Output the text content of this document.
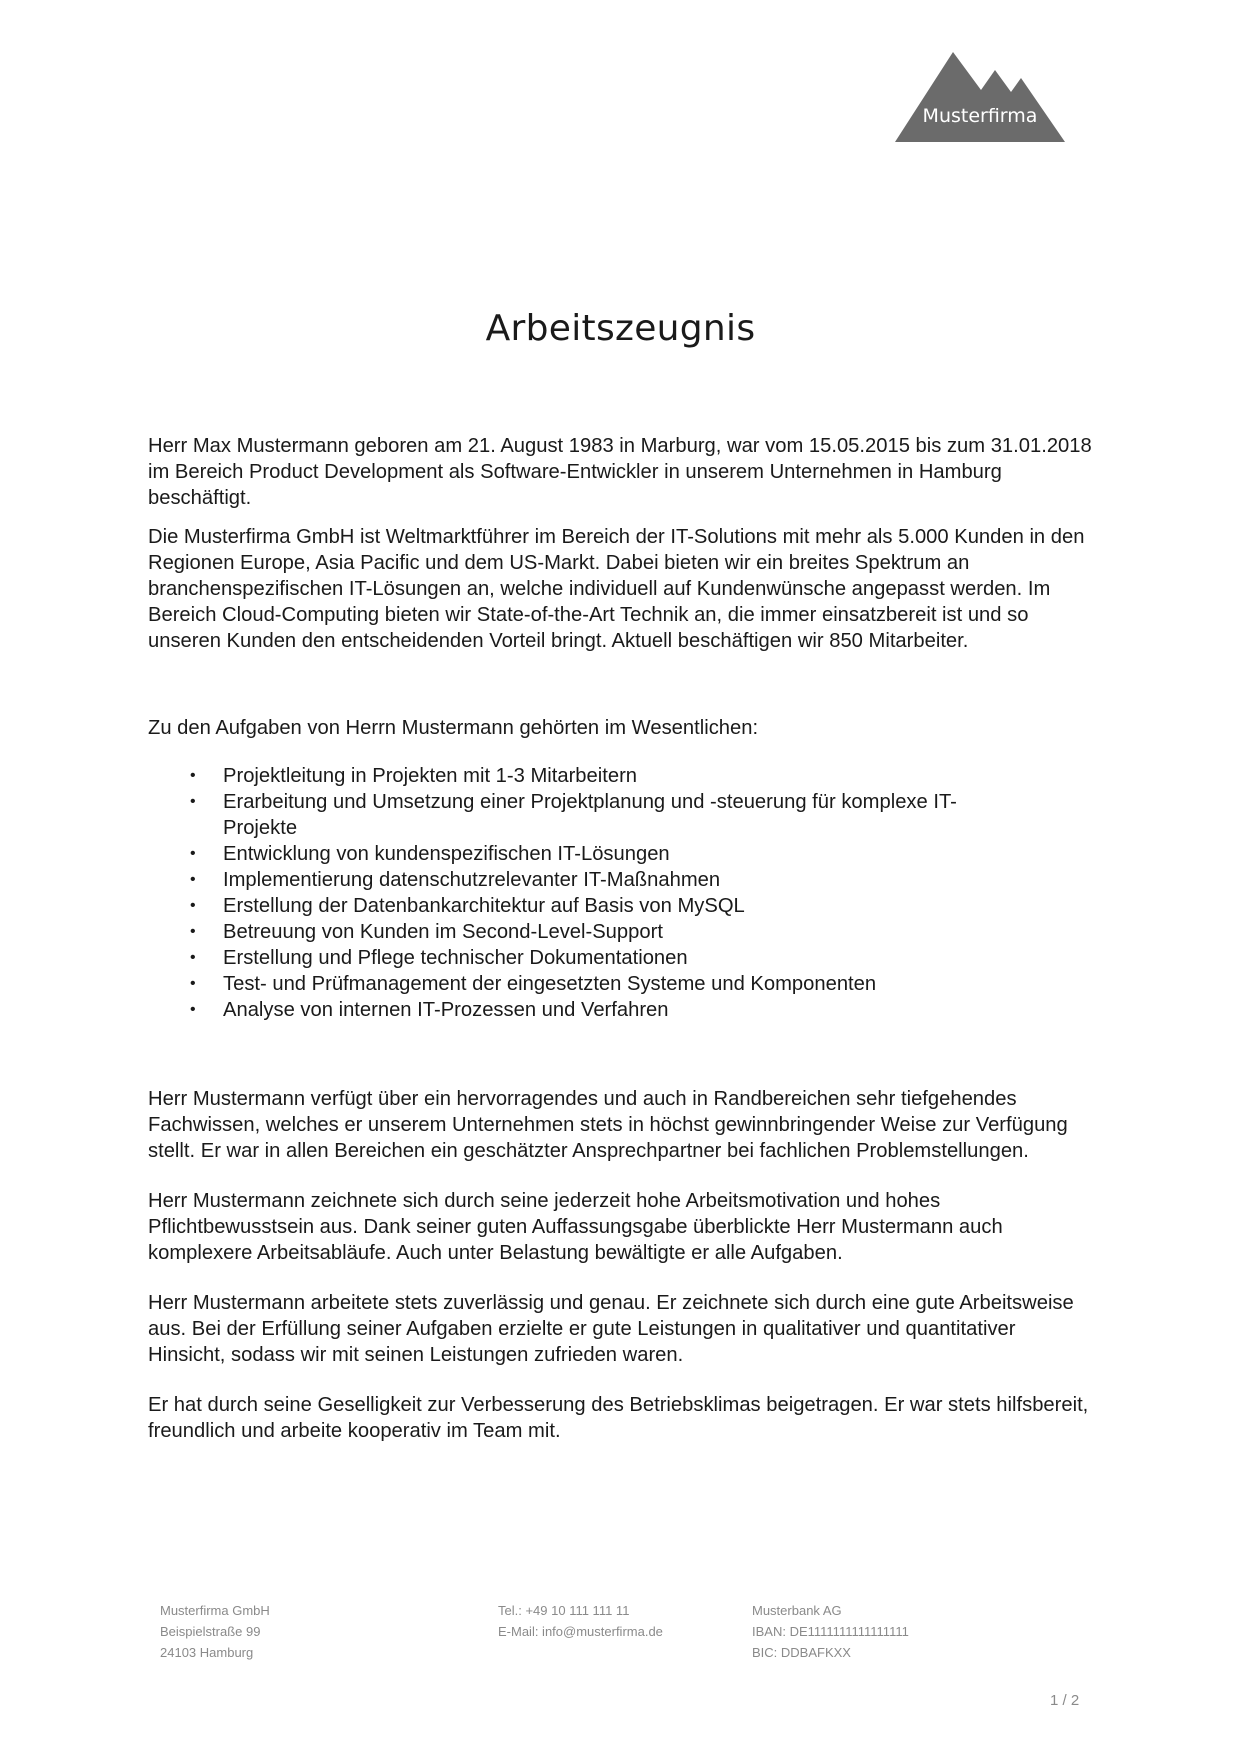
Musterfirma
Arbeitszeugnis

Herr Max Mustermann geboren am 21. August 1983 in Marburg, war vom 15.05.2015 bis zum 31.01.2018 im Bereich Product Development als Software-Entwickler in unserem Unternehmen in Hamburg beschäftigt.

Die Musterfirma GmbH ist Weltmarktführer im Bereich der IT-Solutions mit mehr als 5.000 Kunden in den Regionen Europe, Asia Pacific und dem US-Markt. Dabei bieten wir ein breites Spektrum an branchenspezifischen IT-Lösungen an, welche individuell auf Kundenwünsche angepasst werden. Im Bereich Cloud-Computing bieten wir State-of-the-Art Technik an, die immer einsatzbereit ist und so unseren Kunden den entscheidenden Vorteil bringt. Aktuell beschäftigen wir 850 Mitarbeiter.

Zu den Aufgaben von Herrn Mustermann gehörten im Wesentlichen:

• Projektleitung in Projekten mit 1-3 Mitarbeitern
• Erarbeitung und Umsetzung einer Projektplanung und -steuerung für komplexe IT-Projekte
• Entwicklung von kundenspezifischen IT-Lösungen
• Implementierung datenschutzrelevanter IT-Maßnahmen
• Erstellung der Datenbankarchitektur auf Basis von MySQL
• Betreuung von Kunden im Second-Level-Support
• Erstellung und Pflege technischer Dokumentationen
• Test- und Prüfmanagement der eingesetzten Systeme und Komponenten
• Analyse von internen IT-Prozessen und Verfahren

Herr Mustermann verfügt über ein hervorragendes und auch in Randbereichen sehr tiefgehendes Fachwissen, welches er unserem Unternehmen stets in höchst gewinnbringender Weise zur Verfügung stellt. Er war in allen Bereichen ein geschätzter Ansprechpartner bei fachlichen Problemstellungen.

Herr Mustermann zeichnete sich durch seine jederzeit hohe Arbeitsmotivation und hohes Pflichtbewusstsein aus. Dank seiner guten Auffassungsgabe überblickte Herr Mustermann auch komplexere Arbeitsabläufe. Auch unter Belastung bewältigte er alle Aufgaben.

Herr Mustermann arbeitete stets zuverlässig und genau. Er zeichnete sich durch eine gute Arbeitsweise aus. Bei der Erfüllung seiner Aufgaben erzielte er gute Leistungen in qualitativer und quantitativer Hinsicht, sodass wir mit seinen Leistungen zufrieden waren.

Er hat durch seine Geselligkeit zur Verbesserung des Betriebsklimas beigetragen. Er war stets hilfsbereit, freundlich und arbeite kooperativ im Team mit.

Musterfirma GmbH
Beispielstraße 99
24103 Hamburg
Tel.: +49 10 111 111 11
E-Mail: info@musterfirma.de
Musterbank AG
IBAN: DE1111111111111111
BIC: DDBAFKXX
1 / 2
